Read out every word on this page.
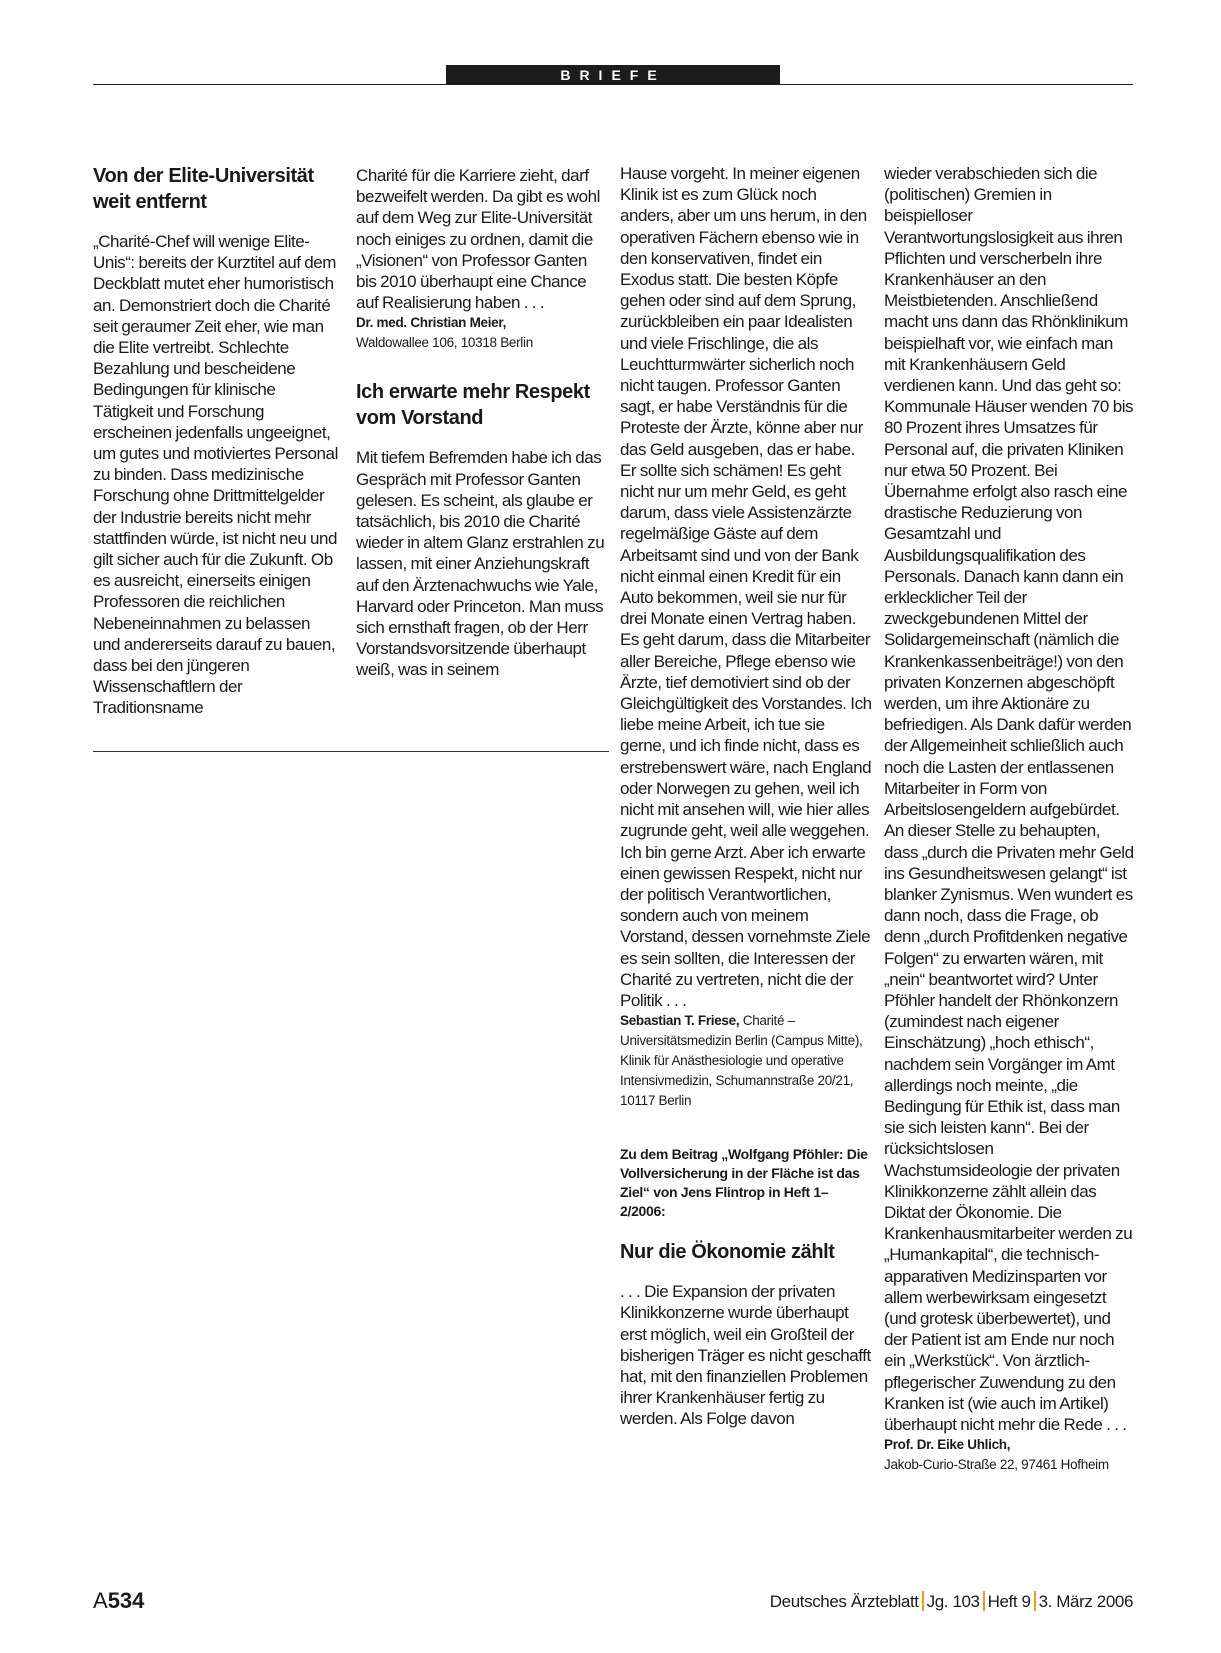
BRIEFE
Von der Elite-Universität weit entfernt

„Charité-Chef will wenige Elite-Unis“: bereits der Kurztitel auf dem Deckblatt mutet eher humoristisch an. Demonstriert doch die Charité seit geraumer Zeit eher, wie man die Elite vertreibt. Schlechte Bezahlung und bescheidene Bedingungen für klinische Tätigkeit und Forschung erscheinen jedenfalls ungeeignet, um gutes und motiviertes Personal zu binden. Dass medizinische Forschung ohne Drittmittelgelder der Industrie bereits nicht mehr stattfinden würde, ist nicht neu und gilt sicher auch für die Zukunft. Ob es ausreicht, einerseits einigen Professoren die reichlichen Nebeneinnahmen zu belassen und andererseits darauf zu bauen, dass bei den jüngeren Wissenschaftlern der Traditionsname

Charité für die Karriere zieht, darf bezweifelt werden. Da gibt es wohl auf dem Weg zur Elite-Universität noch einiges zu ordnen, damit die „Visionen“ von Professor Ganten bis 2010 überhaupt eine Chance auf Realisierung haben . . .

Dr. med. Christian Meier,
Waldowallee 106, 10318 Berlin

Ich erwarte mehr Respekt vom Vorstand

Mit tiefem Befremden habe ich das Gespräch mit Professor Ganten gelesen. Es scheint, als glaube er tatsächlich, bis 2010 die Charité wieder in altem Glanz erstrahlen zu lassen, mit einer Anziehungskraft auf den Ärztenachwuchs wie Yale, Harvard oder Princeton. Man muss sich ernsthaft fragen, ob der Herr Vorstandsvorsitzende überhaupt weiß, was in seinem

Hause vorgeht. In meiner eigenen Klinik ist es zum Glück noch anders, aber um uns herum, in den operativen Fächern ebenso wie in den konservativen, findet ein Exodus statt. Die besten Köpfe gehen oder sind auf dem Sprung, zurückbleiben ein paar Idealisten und viele Frischlinge, die als Leuchtturmwärter sicherlich noch nicht taugen. Professor Ganten sagt, er habe Verständnis für die Proteste der Ärzte, könne aber nur das Geld ausgeben, das er habe. Er sollte sich schämen! Es geht nicht nur um mehr Geld, es geht darum, dass viele Assistenzärzte regelmäßige Gäste auf dem Arbeitsamt sind und von der Bank nicht einmal einen Kredit für ein Auto bekommen, weil sie nur für drei Monate einen Vertrag haben. Es geht darum, dass die Mitarbeiter aller Bereiche, Pflege ebenso wie Ärzte, tief demotiviert sind ob der Gleichgültigkeit des Vorstandes. Ich liebe meine Arbeit, ich tue sie gerne, und ich finde nicht, dass es erstrebenswert wäre, nach England oder Norwegen zu gehen, weil ich nicht mit ansehen will, wie hier alles zugrunde geht, weil alle weggehen. Ich bin gerne Arzt. Aber ich erwarte einen gewissen Respekt, nicht nur der politisch Verantwortlichen, sondern auch von meinem Vorstand, dessen vornehmste Ziele es sein sollten, die Interessen der Charité zu vertreten, nicht die der Politik . . .

Sebastian T. Friese, Charité – Universitätsmedizin Berlin (Campus Mitte), Klinik für Anästhesiologie und operative Intensivmedizin, Schumannstraße 20/21, 10117 Berlin

Zu dem Beitrag „Wolfgang Pföhler: Die Vollversicherung in der Fläche ist das Ziel“ von Jens Flintrop in Heft 1–2/2006:

Nur die Ökonomie zählt

. . . Die Expansion der privaten Klinikkonzerne wurde überhaupt erst möglich, weil ein Großteil der bisherigen Träger es nicht geschafft hat, mit den finanziellen Problemen ihrer Krankenhäuser fertig zu werden. Als Folge davon

wieder verabschieden sich die (politischen) Gremien in beispielloser Verantwortungslosigkeit aus ihren Pflichten und verscherbeln ihre Krankenhäuser an den Meistbietenden. Anschließend macht uns dann das Rhönklinikum beispielhaft vor, wie einfach man mit Krankenhäusern Geld verdienen kann. Und das geht so: Kommunale Häuser wenden 70 bis 80 Prozent ihres Umsatzes für Personal auf, die privaten Kliniken nur etwa 50 Prozent. Bei Übernahme erfolgt also rasch eine drastische Reduzierung von Gesamtzahl und Ausbildungsqualifikation des Personals. Danach kann dann ein erklecklicher Teil der zweckgebundenen Mittel der Solidargemeinschaft (nämlich die Krankenkassenbeiträge!) von den privaten Konzernen abgeschöpft werden, um ihre Aktionäre zu befriedigen. Als Dank dafür werden der Allgemeinheit schließlich auch noch die Lasten der entlassenen Mitarbeiter in Form von Arbeitslosengeldern aufgebürdet. An dieser Stelle zu behaupten, dass „durch die Privaten mehr Geld ins Gesundheitswesen gelangt“ ist blanker Zynismus. Wen wundert es dann noch, dass die Frage, ob denn „durch Profitdenken negative Folgen“ zu erwarten wären, mit „nein“ beantwortet wird? Unter Pföhler handelt der Rhönkonzern (zumindest nach eigener Einschätzung) „hoch ethisch“, nachdem sein Vorgänger im Amt allerdings noch meinte, „die Bedingung für Ethik ist, dass man sie sich leisten kann“. Bei der rücksichtslosen Wachstumsideologie der privaten Klinikkonzerne zählt allein das Diktat der Ökonomie. Die Krankenhausmitarbeiter werden zu „Humankapital“, die technisch-apparativen Medizinsparten vor allem werbewirksam eingesetzt (und grotesk überbewertet), und der Patient ist am Ende nur noch ein „Werkstück“. Von ärztlich-pflegerischer Zuwendung zu den Kranken ist (wie auch im Artikel) überhaupt nicht mehr die Rede . . .

Prof. Dr. Eike Uhlich,
Jakob-Curio-Straße 22, 97461 Hofheim

A534	Deutsches Ärzteblatt Jg. 103 Heft 9 3. März 2006
